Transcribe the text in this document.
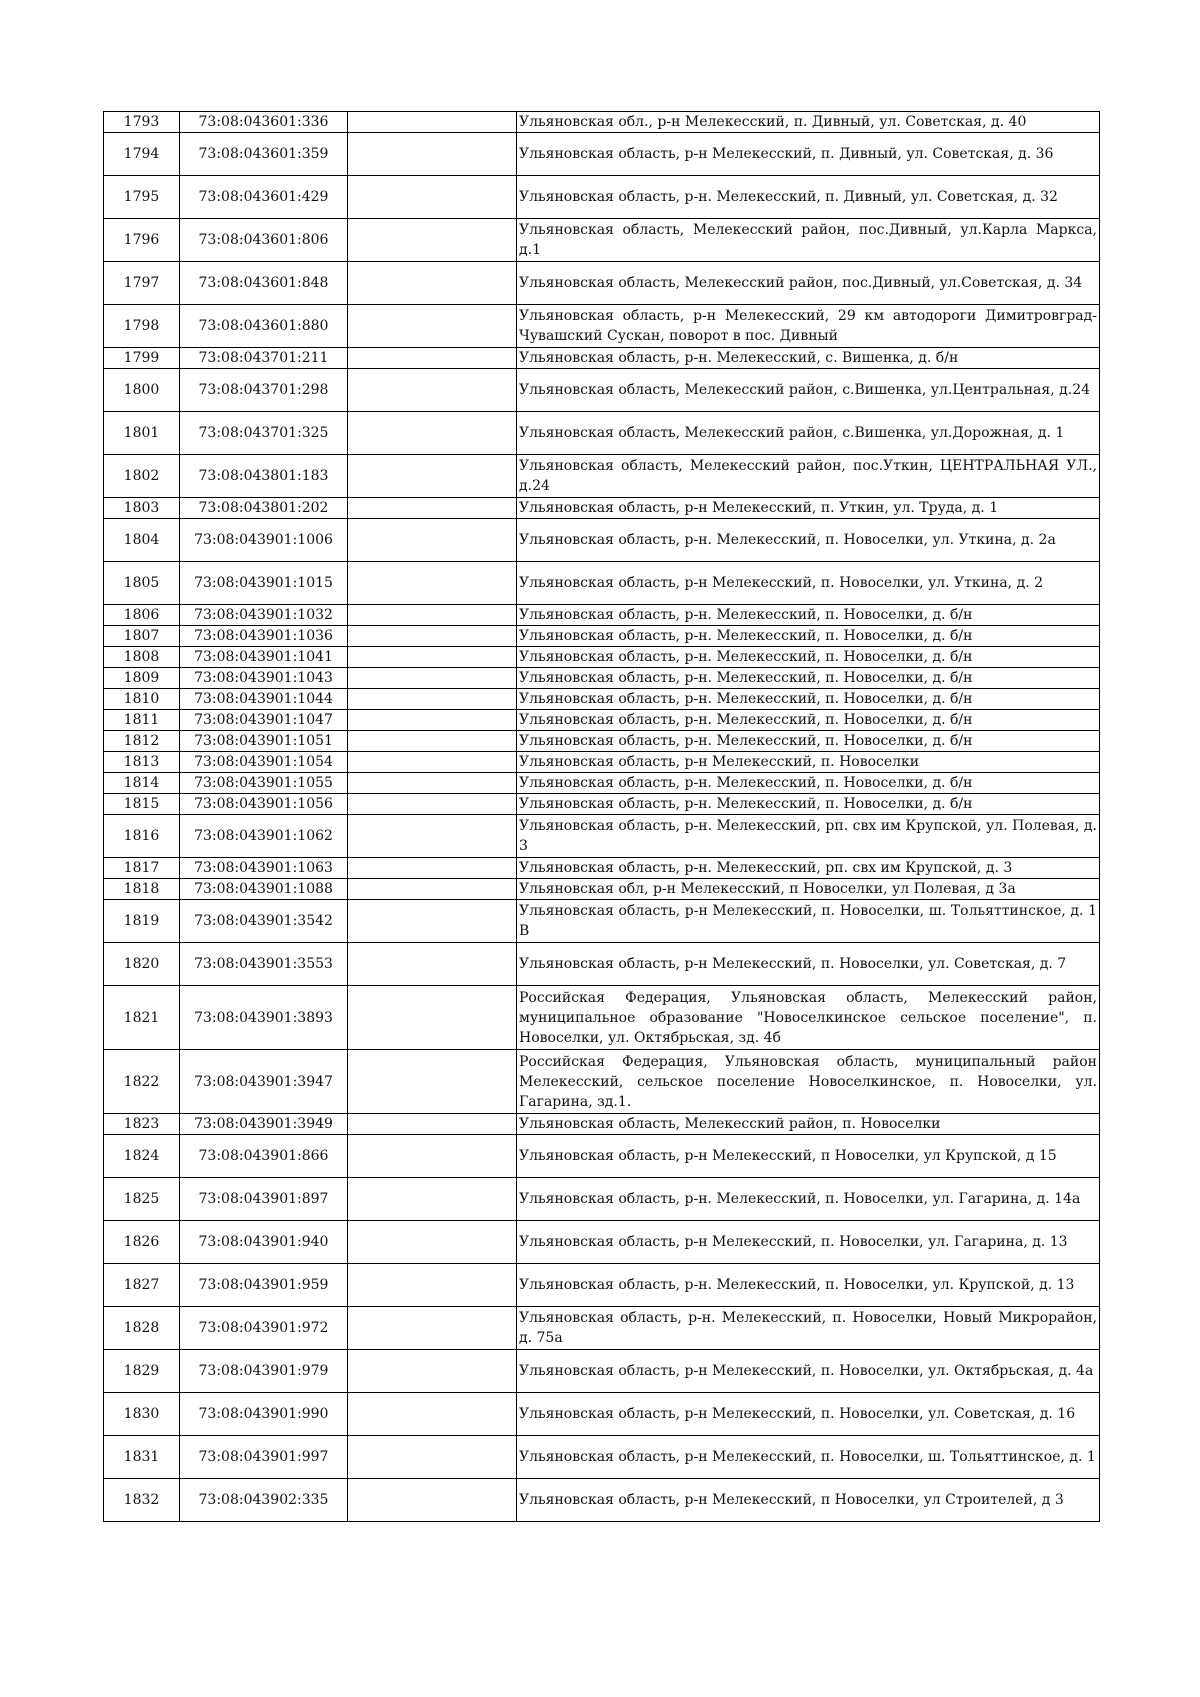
1793	73:08:043601:336		Ульяновская обл., р-н Мелекесский, п. Дивный, ул. Советская, д. 40
1794	73:08:043601:359		Ульяновская область, р-н Мелекесский, п. Дивный, ул. Советская, д. 36
1795	73:08:043601:429		Ульяновская область, р-н. Мелекесский, п. Дивный, ул. Советская, д. 32
1796	73:08:043601:806		Ульяновская область, Мелекесский район, пос.Дивный, ул.Карла Маркса, д.1
1797	73:08:043601:848		Ульяновская область, Мелекесский район, пос.Дивный, ул.Советская, д. 34
1798	73:08:043601:880		Ульяновская область, р-н Мелекесский, 29 км автодороги Димитровград-Чувашский Сускан, поворот в пос. Дивный
1799	73:08:043701:211		Ульяновская область, р-н. Мелекесский, с. Вишенка, д. б/н
1800	73:08:043701:298		Ульяновская область, Мелекесский район, с.Вишенка, ул.Центральная, д.24
1801	73:08:043701:325		Ульяновская область, Мелекесский район, с.Вишенка, ул.Дорожная, д. 1
1802	73:08:043801:183		Ульяновская область, Мелекесский район, пос.Уткин, ЦЕНТРАЛЬНАЯ УЛ., д.24
1803	73:08:043801:202		Ульяновская область, р-н Мелекесский, п. Уткин, ул. Труда, д. 1
1804	73:08:043901:1006		Ульяновская область, р-н. Мелекесский, п. Новоселки, ул. Уткина, д. 2а
1805	73:08:043901:1015		Ульяновская область, р-н Мелекесский, п. Новоселки, ул. Уткина, д. 2
1806	73:08:043901:1032		Ульяновская область, р-н. Мелекесский, п. Новоселки, д. б/н
1807	73:08:043901:1036		Ульяновская область, р-н. Мелекесский, п. Новоселки, д. б/н
1808	73:08:043901:1041		Ульяновская область, р-н. Мелекесский, п. Новоселки, д. б/н
1809	73:08:043901:1043		Ульяновская область, р-н. Мелекесский, п. Новоселки, д. б/н
1810	73:08:043901:1044		Ульяновская область, р-н. Мелекесский, п. Новоселки, д. б/н
1811	73:08:043901:1047		Ульяновская область, р-н. Мелекесский, п. Новоселки, д. б/н
1812	73:08:043901:1051		Ульяновская область, р-н. Мелекесский, п. Новоселки, д. б/н
1813	73:08:043901:1054		Ульяновская область, р-н Мелекесский, п. Новоселки
1814	73:08:043901:1055		Ульяновская область, р-н. Мелекесский, п. Новоселки, д. б/н
1815	73:08:043901:1056		Ульяновская область, р-н. Мелекесский, п. Новоселки, д. б/н
1816	73:08:043901:1062		Ульяновская область, р-н. Мелекесский, рп. свх им Крупской, ул. Полевая, д. 3
1817	73:08:043901:1063		Ульяновская область, р-н. Мелекесский, рп. свх им Крупской, д. 3
1818	73:08:043901:1088		Ульяновская обл, р-н Мелекесский, п Новоселки, ул Полевая, д 3а
1819	73:08:043901:3542		Ульяновская область, р-н Мелекесский, п. Новоселки, ш. Тольяттинское, д. 1 В
1820	73:08:043901:3553		Ульяновская область, р-н Мелекесский, п. Новоселки, ул. Советская, д. 7
1821	73:08:043901:3893		Российская Федерация, Ульяновская область, Мелекесский район, муниципальное образование "Новоселкинское сельское поселение", п. Новоселки, ул. Октябрьская, зд. 4б
1822	73:08:043901:3947		Российская Федерация, Ульяновская область, муниципальный район Мелекесский, сельское поселение Новоселкинское, п. Новоселки, ул. Гагарина, зд.1.
1823	73:08:043901:3949		Ульяновская область, Мелекесский район, п. Новоселки
1824	73:08:043901:866		Ульяновская область, р-н Мелекесский, п Новоселки, ул Крупской, д 15
1825	73:08:043901:897		Ульяновская область, р-н. Мелекесский, п. Новоселки, ул. Гагарина, д. 14а
1826	73:08:043901:940		Ульяновская область, р-н Мелекесский, п. Новоселки, ул. Гагарина, д. 13
1827	73:08:043901:959		Ульяновская область, р-н. Мелекесский, п. Новоселки, ул. Крупской, д. 13
1828	73:08:043901:972		Ульяновская область, р-н. Мелекесский, п. Новоселки, Новый Микрорайон, д. 75а
1829	73:08:043901:979		Ульяновская область, р-н Мелекесский, п. Новоселки, ул. Октябрьская, д. 4а
1830	73:08:043901:990		Ульяновская область, р-н Мелекесский, п. Новоселки, ул. Советская, д. 16
1831	73:08:043901:997		Ульяновская область, р-н Мелекесский, п. Новоселки, ш. Тольяттинское, д. 1
1832	73:08:043902:335		Ульяновская область, р-н Мелекесский, п Новоселки, ул Строителей, д 3
